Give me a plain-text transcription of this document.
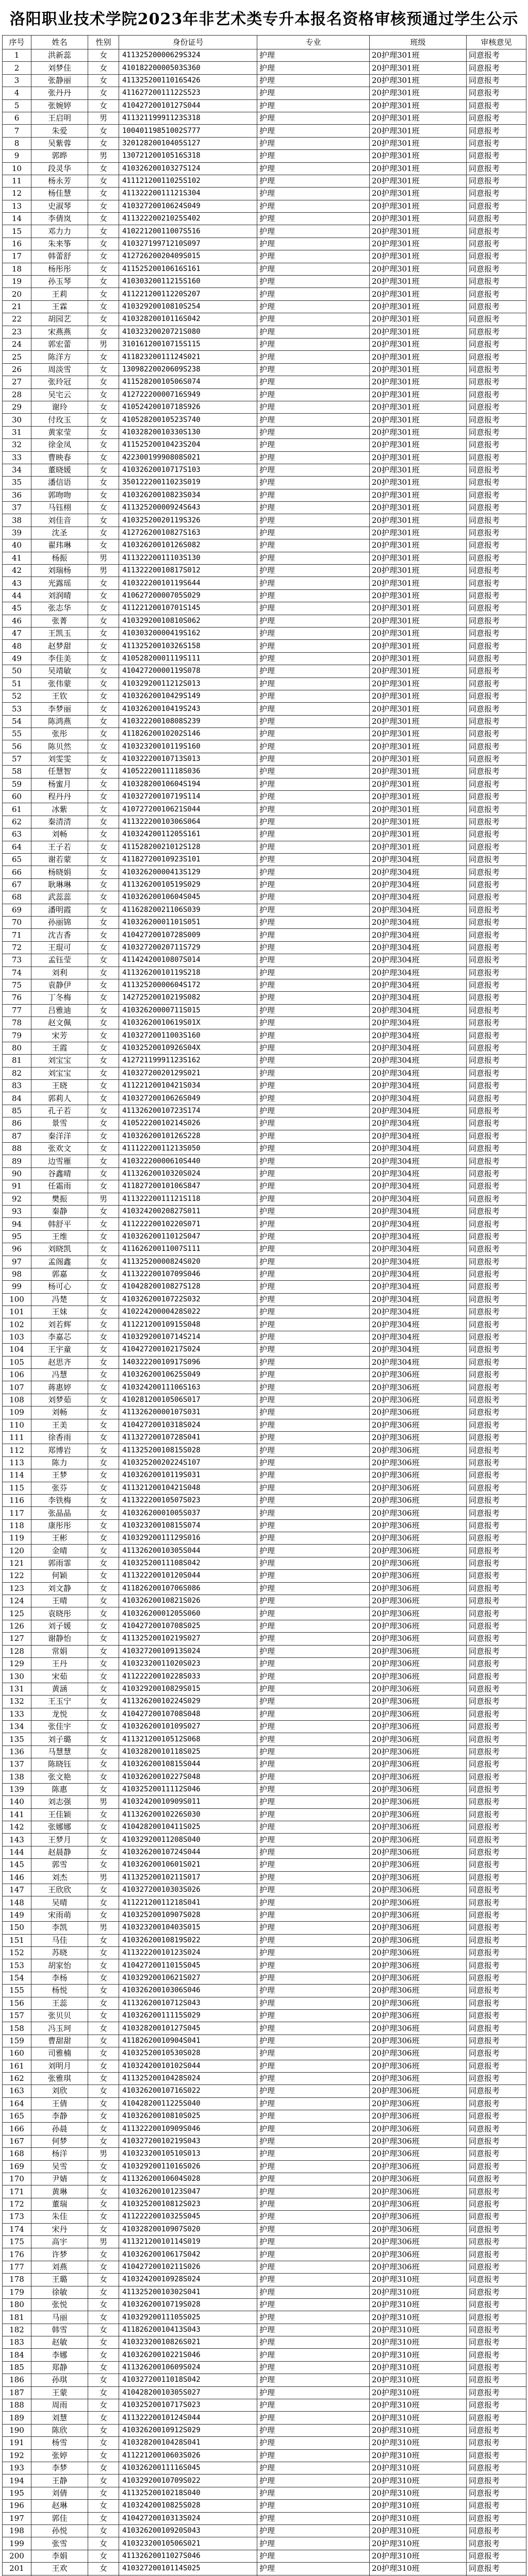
洛阳职业技术学院2023年非艺术类专升本报名资格审核预通过学生公示
序号	姓名	性别	身份证号	专业	班级	审核意见
1	洪新蕊	女	41132520000629S324	护理	20护理301班	同意报考
2	刘梦佳	女	41018220000503S360	护理	20护理301班	同意报考
3	张静丽	女	41132520011016S426	护理	20护理301班	同意报考
4	张丹丹	女	41162720011122S523	护理	20护理301班	同意报考
5	张婉婷	女	41042720010127S044	护理	20护理301班	同意报考
6	王启明	男	41132119991123S318	护理	20护理301班	同意报考
7	朱爱	女	10040119851002S777	护理	20护理301班	同意报考
8	吴紫蓉	女	32012820010405S127	护理	20护理301班	同意报考
9	郭晔	男	13072120010516S318	护理	20护理301班	同意报考
10	段灵华	女	41032620010327S124	护理	20护理301班	同意报考
11	杨永芳	女	41112120011025S102	护理	20护理301班	同意报考
12	杨佳慧	女	41132220011121S304	护理	20护理301班	同意报考
13	史淑琴	女	41032720010624S049	护理	20护理301班	同意报考
14	李倩岚	女	41132220021025S402	护理	20护理301班	同意报考
15	邓力力	女	41022120011007S516	护理	20护理301班	同意报考
16	朱来筝	女	41032719971210S097	护理	20护理301班	同意报考
17	韩蕾舒	女	41272620020409S015	护理	20护理301班	同意报考
18	杨彤彤	女	41152520010616S161	护理	20护理301班	同意报考
19	孙玉琴	女	41030320011215S160	护理	20护理301班	同意报考
20	王莉	女	41122120011220S207	护理	20护理301班	同意报考
21	王霖	女	41032920010810S254	护理	20护理301班	同意报考
22	胡园艺	女	41032820010116S042	护理	20护理301班	同意报考
23	宋燕燕	女	41032320020721S080	护理	20护理301班	同意报考
24	郭宏蕾	男	31016120010715S115	护理	20护理301班	同意报考
25	陈洋方	女	41182320011124S021	护理	20护理301班	同意报考
26	周淡雪	女	13098220020609S238	护理	20护理301班	同意报考
27	张玲冠	女	41152820010506S074	护理	20护理301班	同意报考
28	吴宅云	女	41272220000716S949	护理	20护理301班	同意报考
29	谢玲	女	41052420010718S926	护理	20护理301班	同意报考
30	付玫玉	女	41052820010523S740	护理	20护理301班	同意报考
31	黄家莹	女	41032820010330S130	护理	20护理301班	同意报考
32	徐金凤	女	41152520010423S204	护理	20护理301班	同意报考
33	曹映春	女	42230019990808S021	护理	20护理301班	同意报考
34	董晓媛	女	41032620010717S103	护理	20护理301班	同意报考
35	潘信语	女	35012220011023S019	护理	20护理301班	同意报考
36	郭吻吻	女	41032620010823S034	护理	20护理301班	同意报考
37	马钰栩	女	41132520000924S643	护理	20护理301班	同意报考
38	刘佳音	女	41032520020119S326	护理	20护理301班	同意报考
39	沈圣	女	41272620010827S163	护理	20护理301班	同意报考
40	翟玮琳	女	41032620010126S082	护理	20护理301班	同意报考
41	杨振	男	41132220011103S130	护理	20护理301班	同意报考
42	刘瑞杨	男	41132220010817S012	护理	20护理301班	同意报考
43	光露瑶	女	41032220010119S644	护理	20护理301班	同意报考
44	刘润晴	女	41062720000705S029	护理	20护理301班	同意报考
45	张志华	女	41122120010701S145	护理	20护理301班	同意报考
46	张菁	女	41032920010810S062	护理	20护理301班	同意报考
47	王凯玉	女	41030320000419S162	护理	20护理301班	同意报考
48	赵梦甜	女	41132520010326S158	护理	20护理301班	同意报考
49	李佳美	女	41052820001119S111	护理	20护理301班	同意报考
50	吴靖敏	女	41042720000119S078	护理	20护理301班	同意报考
51	张伟蒙	女	41032920011212S013	护理	20护理301班	同意报考
52	王钦	女	41032620010429S149	护理	20护理301班	同意报考
53	李梦丽	女	41032620010419S243	护理	20护理301班	同意报考
54	陈鸿燕	女	41032220010808S239	护理	20护理301班	同意报考
55	张彤	女	41182620010202S146	护理	20护理301班	同意报考
56	陈贝然	女	41032320010119S160	护理	20护理301班	同意报考
57	刘雯雯	女	41032220010713S013	护理	20护理301班	同意报考
58	任慧智	女	41052220011118S036	护理	20护理301班	同意报考
59	杨蜜月	女	41032820010604S194	护理	20护理301班	同意报考
60	程丹丹	女	41032720010719S114	护理	20护理301班	同意报考
61	冰紫	女	41072720010621S044	护理	20护理301班	同意报考
62	秦清清	女	41132220010306S064	护理	20护理301班	同意报考
63	刘畅	女	41032420011205S161	护理	20护理301班	同意报考
64	王子若	女	41152820021012S128	护理	20护理301班	同意报考
65	谢若蒙	女	41182720010923S101	护理	20护理304班	同意报考
66	杨晓娟	女	41032620000413S129	护理	20护理304班	同意报考
67	耿琳琳	女	41132620010519S029	护理	20护理304班	同意报考
68	武蕊蕊	女	41032620010604S045	护理	20护理304班	同意报考
69	潘明霞	女	41162820021106S039	护理	20护理304班	同意报考
70	孙丽锦	女	41032620001101S051	护理	20护理304班	同意报考
71	沈吉香	女	41042720010728S009	护理	20护理304班	同意报考
72	王琨可	女	41032720020711S729	护理	20护理304班	同意报考
73	孟钰莹	女	41142420010807S014	护理	20护理304班	同意报考
74	刘利	女	41132620010119S218	护理	20护理304班	同意报考
75	袁静伊	女	41132520000604S172	护理	20护理304班	同意报考
76	丁冬梅	女	14272520010219S082	护理	20护理304班	同意报考
77	吕雅迪	女	41032620000711S015	护理	20护理304班	同意报考
78	赵文佩	女	41032620010619S01X	护理	20护理304班	同意报考
79	宋芳	女	41032720011003S160	护理	20护理304班	同意报考
80	王霞	女	41032520010926S04X	护理	20护理304班	同意报考
81	刘宝宝	女	41272119991123S162	护理	20护理304班	同意报考
82	刘宝宝	女	41032720020129S021	护理	20护理304班	同意报考
83	王晓	女	41122120010421S034	护理	20护理304班	同意报考
84	郭莉人	女	41032720010626S049	护理	20护理304班	同意报考
85	孔子若	女	41132620010723S174	护理	20护理304班	同意报考
86	景雪	女	41052220010214S026	护理	20护理304班	同意报考
87	秦洋洋	女	41032620010126S228	护理	20护理304班	同意报考
88	张欢文	女	41112220011213S050	护理	20护理304班	同意报考
89	边雪雁	女	41032220000610S440	护理	20护理304班	同意报考
90	谷鑫晴	女	41132620010320S024	护理	20护理304班	同意报考
91	任霜雨	女	41182720010106S847	护理	20护理304班	同意报考
92	樊振	男	41132220011121S118	护理	20护理304班	同意报考
93	秦静	女	41032420020827S011	护理	20护理304班	同意报考
94	韩舒平	女	41122220010220S071	护理	20护理304班	同意报考
95	王维	女	41032620011012S047	护理	20护理304班	同意报考
96	刘晓凯	女	41162620011007S111	护理	20护理304班	同意报考
97	孟阁鑫	女	41132520000824S020	护理	20护理304班	同意报考
98	郭嘉	女	41132220010709S046	护理	20护理304班	同意报考
99	杨可心	女	41042820010827S128	护理	20护理304班	同意报考
100	冯楚	女	41032620010722S032	护理	20护理304班	同意报考
101	王妹	女	41022420000428S022	护理	20护理304班	同意报考
102	刘若辉	女	41122120010915S048	护理	20护理304班	同意报考
103	李嘉芯	女	41032920010714S214	护理	20护理304班	同意报考
104	王宇童	女	41042720010217S024	护理	20护理304班	同意报考
105	赵思齐	女	14032220010917S096	护理	20护理304班	同意报考
106	冯慧	女	41032620010625S049	护理	20护理306班	同意报考
107	蒋惠婷	女	41032420011106S163	护理	20护理306班	同意报考
108	刘梦茹	女	41028120010506S017	护理	20护理306班	同意报考
109	刘畅	女	41132620000107S031	护理	20护理306班	同意报考
110	王美	女	41042720010318S024	护理	20护理306班	同意报考
111	徐香雨	女	41132720010728S041	护理	20护理306班	同意报考
112	郑博岩	女	41132520010815S028	护理	20护理306班	同意报考
113	陈力	女	41032520020224S107	护理	20护理306班	同意报考
114	王梦	女	41032620010119S031	护理	20护理306班	同意报考
115	张芬	女	41132120010421S048	护理	20护理306班	同意报考
116	李铁梅	女	41132220010507S023	护理	20护理306班	同意报考
117	张晶晶	女	41032620001005S037	护理	20护理306班	同意报考
118	康彤彤	女	41032320010815S074	护理	20护理306班	同意报考
119	王彬	女	41032920011129S016	护理	20护理306班	同意报考
120	金晴	女	41132620010305S044	护理	20护理306班	同意报考
121	郭雨霏	女	41032520011108S042	护理	20护理306班	同意报考
122	何颖	女	41132220010120S044	护理	20护理306班	同意报考
123	刘文静	女	41182620010706S086	护理	20护理306班	同意报考
124	王晴	女	41032620010821S026	护理	20护理306班	同意报考
125	袁晓彤	女	41032620001205S060	护理	20护理306班	同意报考
126	刘子媛	女	41042720010708S025	护理	20护理306班	同意报考
127	谢静怡	女	41132520010219S027	护理	20护理306班	同意报考
128	常娟	女	41032720010913S024	护理	20护理306班	同意报考
129	王丹	女	41032320011020S023	护理	20护理306班	同意报考
130	宋茹	女	41122220010228S033	护理	20护理306班	同意报考
131	黄涵	女	41032920010829S015	护理	20护理306班	同意报考
132	王玉宁	女	41132620010224S029	护理	20护理306班	同意报考
133	龙悦	女	41042720010708S048	护理	20护理306班	同意报考
134	张佳宇	女	41032620010109S027	护理	20护理306班	同意报考
135	刘子璐	女	41132120010512S068	护理	20护理306班	同意报考
136	马慧慧	女	41032820010118S025	护理	20护理306班	同意报考
137	陈晓钰	女	41032620010815S044	护理	20护理306班	同意报考
138	张文艳	女	41032620010227S048	护理	20护理306班	同意报考
139	陈惠	女	41032520011112S046	护理	20护理306班	同意报考
140	刘志强	男	41032420010909S011	护理	20护理306班	同意报考
141	王佳颖	女	41132620010226S030	护理	20护理306班	同意报考
142	张娜娜	女	41042820010411S025	护理	20护理306班	同意报考
143	王梦月	女	41032920011208S040	护理	20护理306班	同意报考
144	赵晨静	女	41032620010724S044	护理	20护理306班	同意报考
145	郭雪	女	41032620010601S021	护理	20护理306班	同意报考
146	刘杰	男	41132520010211S017	护理	20护理306班	同意报考
147	王欣欣	女	41032720010303S026	护理	20护理306班	同意报考
148	吴晴	女	41122120011218S041	护理	20护理306班	同意报考
149	宋雨萌	女	41032520010907S028	护理	20护理306班	同意报考
150	李凯	男	41032320010403S015	护理	20护理306班	同意报考
151	马佳	女	41032620010819S022	护理	20护理306班	同意报考
152	苏晓	女	41132220010123S024	护理	20护理306班	同意报考
153	胡家怡	女	41042720011015S045	护理	20护理306班	同意报考
154	李杨	女	41032920010621S027	护理	20护理306班	同意报考
155	杨悦	女	41032620010306S046	护理	20护理306班	同意报考
156	王蕊	女	41132620010712S043	护理	20护理306班	同意报考
157	张贝贝	女	41032620011115S029	护理	20护理306班	同意报考
158	冯玉珂	女	41032820010127S045	护理	20护理306班	同意报考
159	曹甜甜	女	41182620010904S041	护理	20护理306班	同意报考
160	司雅楠	女	41032520010530S028	护理	20护理306班	同意报考
161	刘明月	女	41032420010102S044	护理	20护理306班	同意报考
162	张雅琪	女	41132520010428S024	护理	20护理306班	同意报考
163	刘欣	女	41032620010716S022	护理	20护理306班	同意报考
164	王倩	女	41042820011225S040	护理	20护理306班	同意报考
165	李静	女	41032620010810S025	护理	20护理306班	同意报考
166	孙晨	女	41132220010909S046	护理	20护理306班	同意报考
167	何梦	女	41032720010219S043	护理	20护理306班	同意报考
168	杨洋	男	41032320010510S013	护理	20护理306班	同意报考
169	吴雪	女	41032920011016S026	护理	20护理306班	同意报考
170	尹婧	女	41132620010604S028	护理	20护理306班	同意报考
171	黄琳	女	41032620010123S047	护理	20护理306班	同意报考
172	董瑞	女	41032520010812S023	护理	20护理306班	同意报考
173	朱佳	女	41122220010325S045	护理	20护理306班	同意报考
174	宋丹	女	41032820010907S020	护理	20护理306班	同意报考
175	高宇	男	41132120010114S019	护理	20护理306班	同意报考
176	许梦	女	41032620010617S042	护理	20护理306班	同意报考
177	刘燕	女	41042720010211S026	护理	20护理306班	同意报考
178	王璐	女	41032420010928S024	护理	20护理310班	同意报考
179	徐敏	女	41132520010302S041	护理	20护理310班	同意报考
180	张悦	女	41032620010719S028	护理	20护理310班	同意报考
181	马丽	女	41032920011105S025	护理	20护理310班	同意报考
182	韩雪	女	41182620010413S043	护理	20护理310班	同意报考
183	赵敏	女	41032320010826S021	护理	20护理310班	同意报考
184	李娜	女	41032620010221S046	护理	20护理310班	同意报考
185	郑静	女	41132620010609S024	护理	20护理310班	同意报考
186	孙琪	女	41032720011018S042	护理	20护理310班	同意报考
187	王蒙	女	41042820010305S027	护理	20护理310班	同意报考
188	周雨	女	41032520010717S023	护理	20护理310班	同意报考
189	刘慧	女	41132220010124S044	护理	20护理310班	同意报考
190	陈欣	女	41032620010912S029	护理	20护理310班	同意报考
191	杨雪	女	41032820010428S041	护理	20护理310班	同意报考
192	张婷	女	41122120010603S026	护理	20护理310班	同意报考
193	李梦	女	41032620011116S045	护理	20护理310班	同意报考
194	王静	女	41032920010709S022	护理	20护理310班	同意报考
195	刘倩	女	41132520010218S040	护理	20护理310班	同意报考
196	赵琳	女	41032420010825S028	护理	20护理310班	同意报考
197	郭佳	女	41042720010313S024	护理	20护理310班	同意报考
198	孙悦	女	41032620010920S043	护理	20护理310班	同意报考
199	张雪	女	41032320010506S021	护理	20护理310班	同意报考
200	李娟	女	41132620011027S046	护理	20护理310班	同意报考
201	王欢	女	41032720010114S025	护理	20护理310班	同意报考
